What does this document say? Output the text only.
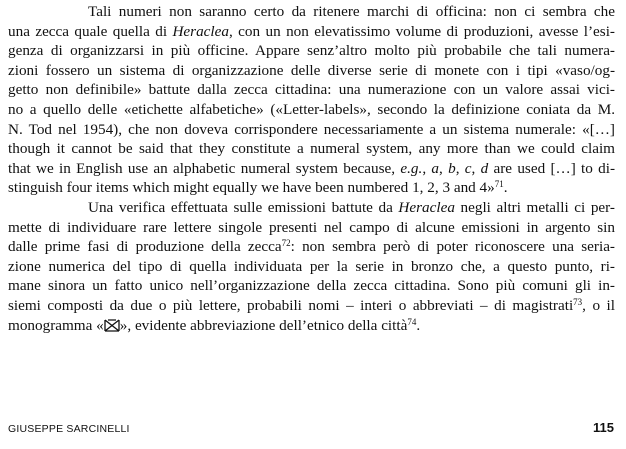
Tali numeri non saranno certo da ritenere marchi di officina: non ci sembra che
una zecca quale quella di Heraclea, con un non elevatissimo volume di produzioni, avesse l’esi-
genza di organizzarsi in più officine. Appare senz’altro molto più probabile che tali numera-
zioni fossero un sistema di organizzazione delle diverse serie di monete con i tipi «vaso/og-
getto non definibile» battute dalla zecca cittadina: una numerazione con un valore assai vici-
no a quello delle «etichette alfabetiche» («Letter-labels», secondo la definizione coniata da M.
N. Tod nel 1954), che non doveva corrispondere necessariamente a un sistema numerale: «[…]
though it cannot be said that they constitute a numeral system, any more than we could claim
that we in English use an alphabetic numeral system because, e.g., a, b, c, d are used […] to di-
stinguish four items which might equally we have been numbered 1, 2, 3 and 4»$^{71}$.
Una verifica effettuata sulle emissioni battute da Heraclea negli altri metalli ci per-
mette di individuare rare lettere singole presenti nel campo di alcune emissioni in argento sin
dalle prime fasi di produzione della zecca$^{72}$: non sembra però di poter riconoscere una seria-
zione numerica del tipo di quella individuata per la serie in bronzo che, a questo punto, ri-
mane sinora un fatto unico nell’organizzazione della zecca cittadina. Sono più comuni gli in-
siemi composti da due o più lettere, probabili nomi – interi o abbreviati – di magistrati$^{73}$, o il
monogramma « », evidente abbreviazione dell’etnico della città$^{74}$.
GIUSEPPE SARCINELLI	115
